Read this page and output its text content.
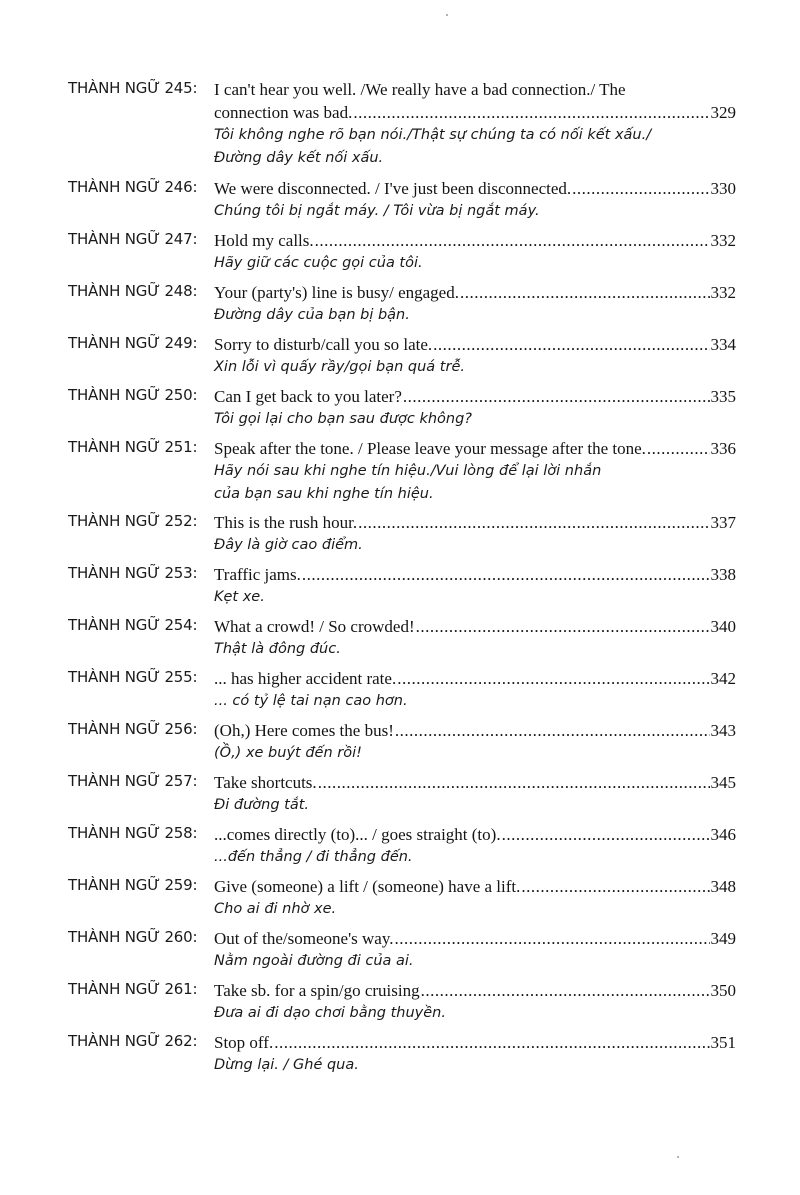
THÀNH NGỮ 245: I can't hear you well. /We really have a bad connection./ The
connection was bad. .....	329
Tôi không nghe rõ bạn nói./Thật sự chúng ta có nối kết xấu./
Đường dây kết nối xấu.
THÀNH NGỮ 246: We were disconnected. / I've just been disconnected. .....	330
Chúng tôi bị ngắt máy. / Tôi vừa bị ngắt máy.
THÀNH NGỮ 247: Hold my calls. .....	332
Hãy giữ các cuộc gọi của tôi.
THÀNH NGỮ 248: Your (party's) line is busy/ engaged. .....	332
Đường dây của bạn bị bận.
THÀNH NGỮ 249: Sorry to disturb/call you so late. .....	334
Xin lỗi vì quấy rầy/gọi bạn quá trễ.
THÀNH NGỮ 250: Can I get back to you later? .....	335
Tôi gọi lại cho bạn sau được không?
THÀNH NGỮ 251: Speak after the tone. / Please leave your message after the tone. .....	336
Hãy nói sau khi nghe tín hiệu./Vui lòng để lại lời nhắn
của bạn sau khi nghe tín hiệu.
THÀNH NGỮ 252: This is the rush hour. .....	337
Đây là giờ cao điểm.
THÀNH NGỮ 253: Traffic jams. .....	338
Kẹt xe.
THÀNH NGỮ 254: What a crowd! / So crowded! .....	340
Thật là đông đúc.
THÀNH NGỮ 255: ... has higher accident rate. .....	342
... có tỷ lệ tai nạn cao hơn.
THÀNH NGỮ 256: (Oh,) Here comes the bus! .....	343
(Ồ,) xe buýt đến rồi!
THÀNH NGỮ 257: Take shortcuts. .....	345
Đi đường tắt.
THÀNH NGỮ 258: ...comes directly (to)... / goes straight (to). .....	346
...đến thẳng / đi thẳng đến.
THÀNH NGỮ 259: Give (someone) a lift / (someone) have a lift. .....	348
Cho ai đi nhờ xe.
THÀNH NGỮ 260: Out of the/someone's way. .....	349
Nằm ngoài đường đi của ai.
THÀNH NGỮ 261: Take sb. for a spin/go cruising .....	350
Đưa ai đi dạo chơi bằng thuyền.
THÀNH NGỮ 262: Stop off. .....	351
Dừng lại. / Ghé qua.
